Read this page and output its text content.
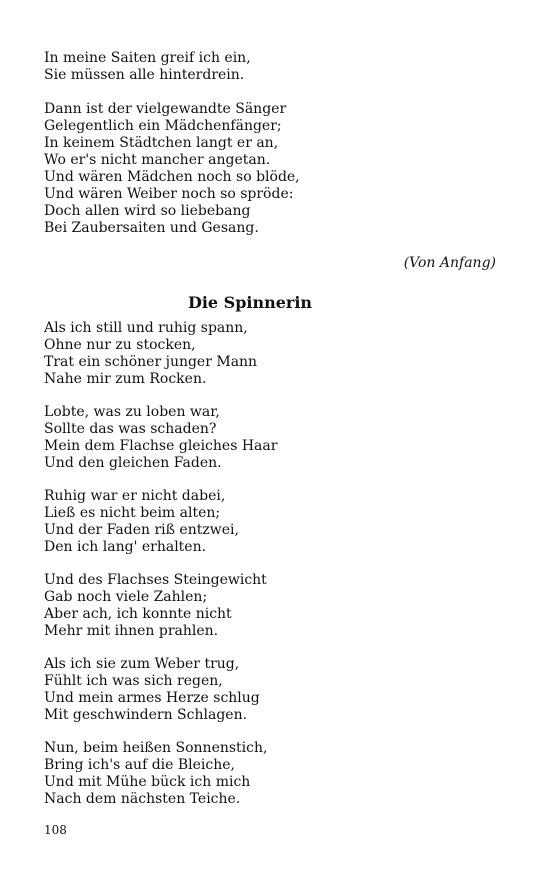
In meine Saiten greif ich ein,
Sie müssen alle hinterdrein.
Dann ist der vielgewandte Sänger
Gelegentlich ein Mädchenfänger;
In keinem Städtchen langt er an,
Wo er's nicht mancher angetan.
Und wären Mädchen noch so blöde,
Und wären Weiber noch so spröde:
Doch allen wird so liebebang
Bei Zaubersaiten und Gesang.
(Von Anfang)
Die Spinnerin
Als ich still und ruhig spann,
Ohne nur zu stocken,
Trat ein schöner junger Mann
Nahe mir zum Rocken.
Lobte, was zu loben war,
Sollte das was schaden?
Mein dem Flachse gleiches Haar
Und den gleichen Faden.
Ruhig war er nicht dabei,
Ließ es nicht beim alten;
Und der Faden riß entzwei,
Den ich lang' erhalten.
Und des Flachses Steingewicht
Gab noch viele Zahlen;
Aber ach, ich konnte nicht
Mehr mit ihnen prahlen.
Als ich sie zum Weber trug,
Fühlt ich was sich regen,
Und mein armes Herze schlug
Mit geschwindern Schlagen.
Nun, beim heißen Sonnenstich,
Bring ich's auf die Bleiche,
Und mit Mühe bück ich mich
Nach dem nächsten Teiche.
108
